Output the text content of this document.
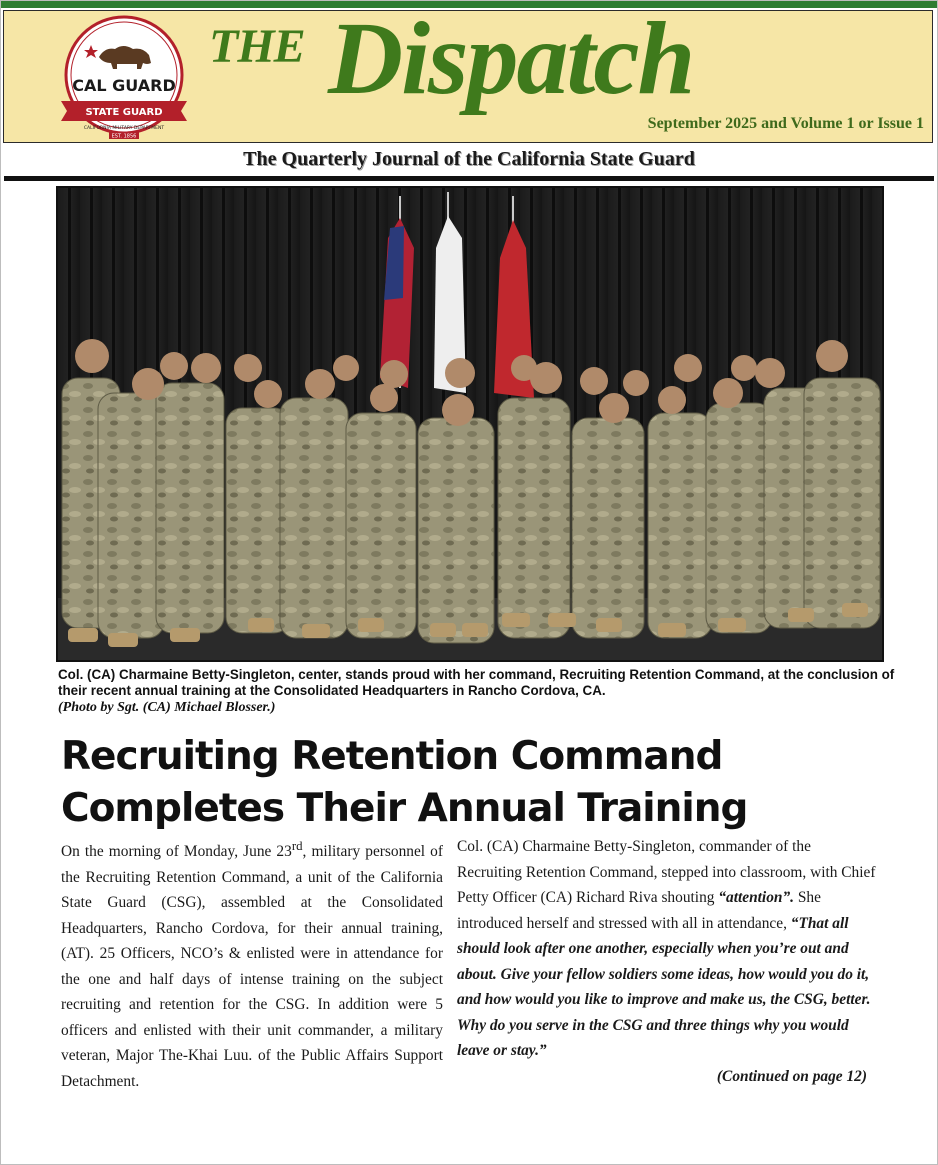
CAL GUARD
STATE GUARD
CALIFORNIA MILITARY DEPARTMENT
EST. 1856
THE Dispatch
September 2025 and Volume 1 or Issue 1
The Quarterly Journal of the California State Guard
Col. (CA) Charmaine Betty-Singleton, center, stands proud with her command, Recruiting Retention Command, at the conclusion of their recent annual training at the Consolidated Headquarters in Rancho Cordova, CA.
(Photo by Sgt. (CA) Michael Blosser.)
Recruiting Retention Command
Completes Their Annual Training
On the morning of Monday, June 23rd, military personnel of the Recruiting Retention Command, a unit of the California State Guard (CSG), assembled at the Consolidated Headquarters, Rancho Cordova, for their annual training, (AT). 25 Officers, NCO’s & enlisted were in attendance for the one and half days of intense training on the subject recruiting and retention for the CSG. In addition were 5 officers and enlisted with their unit commander, a military veteran, Major The-Khai Luu. of the Public Affairs Support Detachment.
Col. (CA) Charmaine Betty-Singleton, commander of the Recruiting Retention Command, stepped into classroom, with Chief Petty Officer (CA) Richard Riva shouting “attention”. She introduced herself and stressed with all in attendance, “That all should look after one another, especially when you’re out and about. Give your fellow soldiers some ideas, how would you do it, and how would you like to improve and make us, the CSG, better. Why do you serve in the CSG and three things why you would leave or stay.”
(Continued on page 12)
